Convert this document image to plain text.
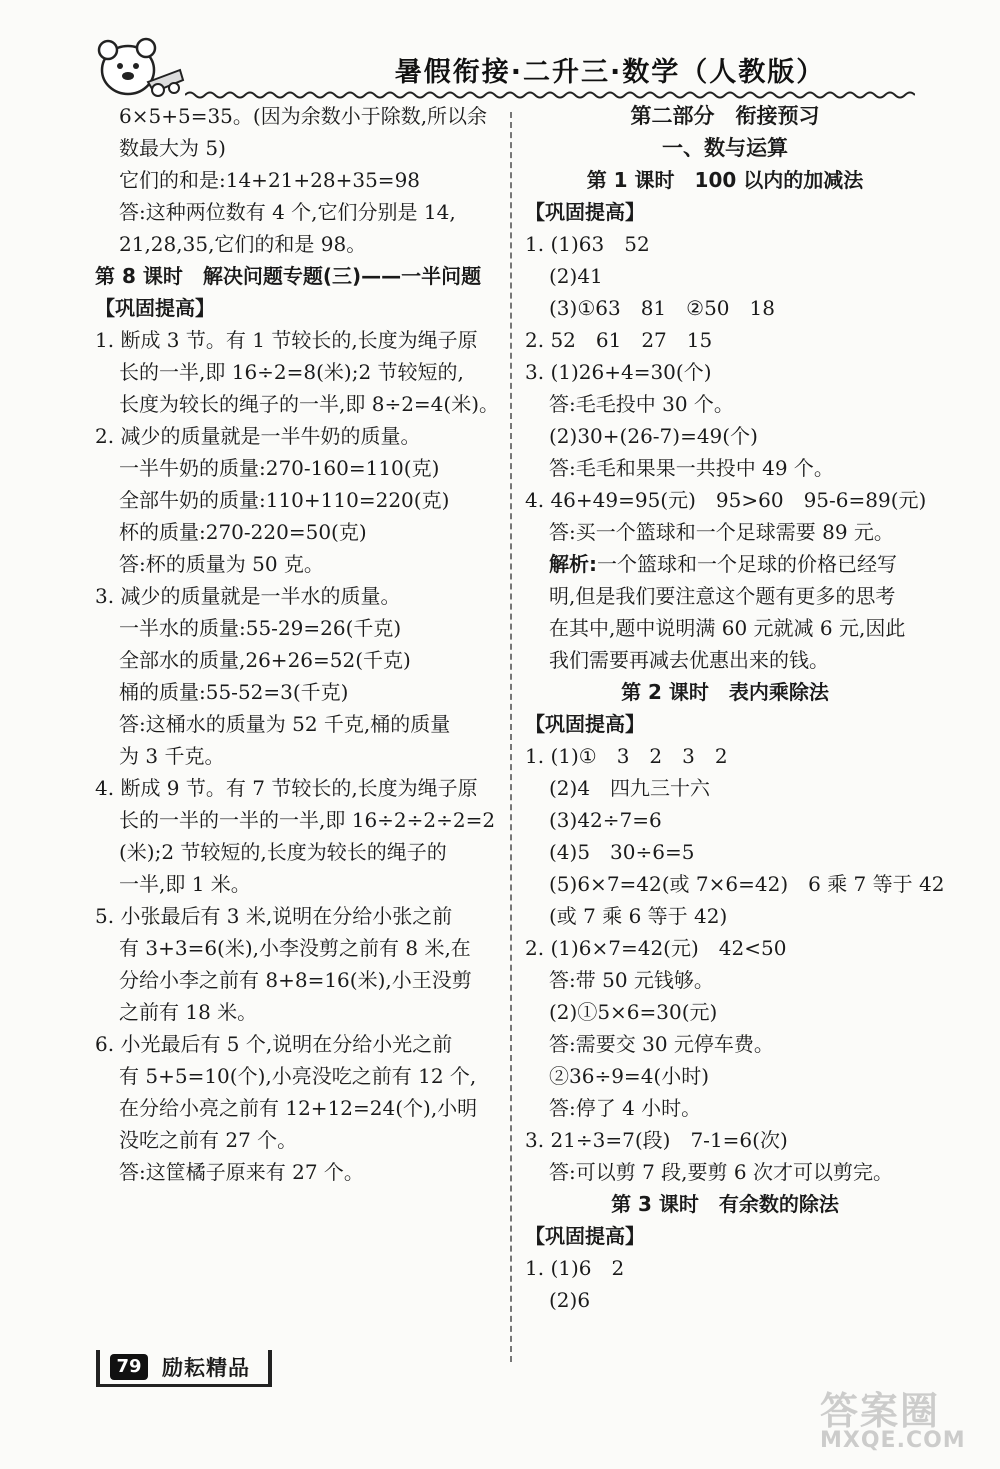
暑假衔接·二升三·数学（人教版）
6×5+5=35。(因为余数小于除数,所以余
数最大为 5)
它们的和是:14+21+28+35=98
答:这种两位数有 4 个,它们分别是 14,
21,28,35,它们的和是 98。
第 8 课时　解决问题专题(三)——一半问题
【巩固提高】
1. 断成 3 节。有 1 节较长的,长度为绳子原
长的一半,即 16÷2=8(米);2 节较短的,
长度为较长的绳子的一半,即 8÷2=4(米)。
2. 减少的质量就是一半牛奶的质量。
一半牛奶的质量:270-160=110(克)
全部牛奶的质量:110+110=220(克)
杯的质量:270-220=50(克)
答:杯的质量为 50 克。
3. 减少的质量就是一半水的质量。
一半水的质量:55-29=26(千克)
全部水的质量,26+26=52(千克)
桶的质量:55-52=3(千克)
答:这桶水的质量为 52 千克,桶的质量
为 3 千克。
4. 断成 9 节。有 7 节较长的,长度为绳子原
长的一半的一半的一半,即 16÷2÷2÷2=2
(米);2 节较短的,长度为较长的绳子的
一半,即 1 米。
5. 小张最后有 3 米,说明在分给小张之前
有 3+3=6(米),小李没剪之前有 8 米,在
分给小李之前有 8+8=16(米),小王没剪
之前有 18 米。
6. 小光最后有 5 个,说明在分给小光之前
有 5+5=10(个),小亮没吃之前有 12 个,
在分给小亮之前有 12+12=24(个),小明
没吃之前有 27 个。
答:这筐橘子原来有 27 个。
第二部分　衔接预习
一、数与运算
第 1 课时　100 以内的加减法
【巩固提高】
1. (1)63　52
(2)41
(3)①63　81　②50　18
2. 52　61　27　15
3. (1)26+4=30(个)
答:毛毛投中 30 个。
(2)30+(26-7)=49(个)
答:毛毛和果果一共投中 49 个。
4. 46+49=95(元)　95>60　95-6=89(元)
答:买一个篮球和一个足球需要 89 元。
解析:一个篮球和一个足球的价格已经写
明,但是我们要注意这个题有更多的思考
在其中,题中说明满 60 元就减 6 元,因此
我们需要再减去优惠出来的钱。
第 2 课时　表内乘除法
【巩固提高】
1. (1)①　3　2　3　2
(2)4　四九三十六
(3)42÷7=6
(4)5　30÷6=5
(5)6×7=42(或 7×6=42)　6 乘 7 等于 42
(或 7 乘 6 等于 42)
2. (1)6×7=42(元)　42<50
答:带 50 元钱够。
(2)①5×6=30(元)
答:需要交 30 元停车费。
②36÷9=4(小时)
答:停了 4 小时。
3. 21÷3=7(段)　7-1=6(次)
答:可以剪 7 段,要剪 6 次才可以剪完。
第 3 课时　有余数的除法
【巩固提高】
1. (1)6　2
(2)6
79 励耘精品
答案圈
MXQE.COM
